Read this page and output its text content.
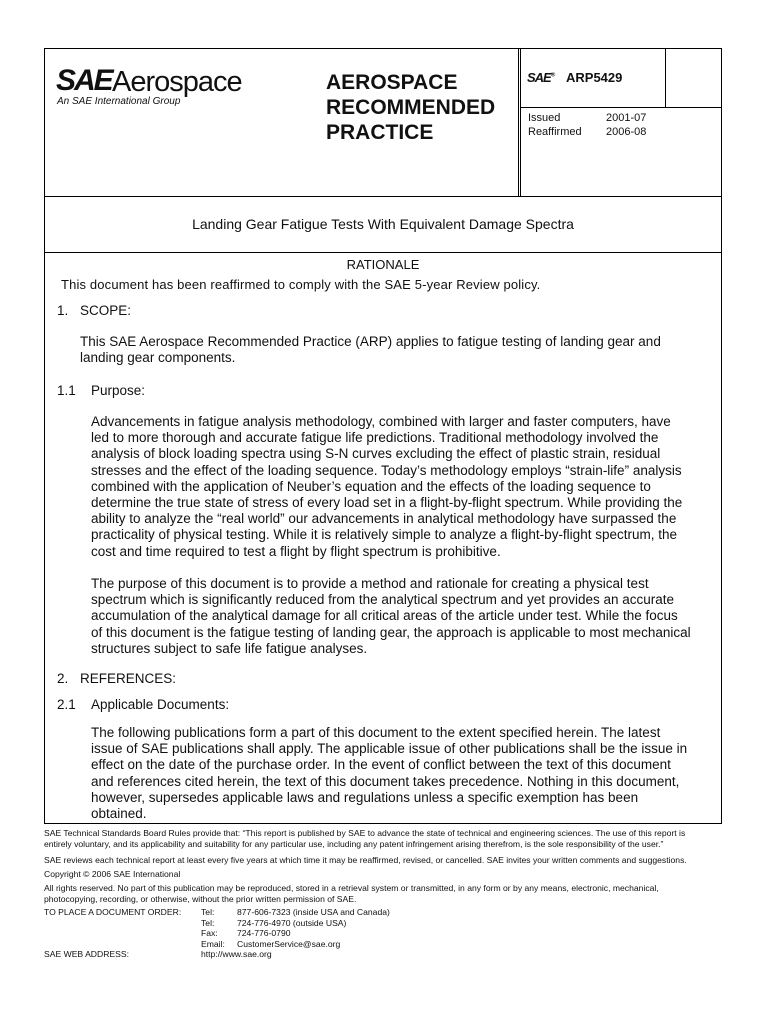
SAE Aerospace
An SAE International Group
AEROSPACE
RECOMMENDED
PRACTICE
SAE® ARP5429
Issued	2001-07
Reaffirmed 2006-08
Landing Gear Fatigue Tests With Equivalent Damage Spectra
RATIONALE
This document has been reaffirmed to comply with the SAE 5-year Review policy.
1. SCOPE:
This SAE Aerospace Recommended Practice (ARP) applies to fatigue testing of landing gear and
landing gear components.
1.1 Purpose:
Advancements in fatigue analysis methodology, combined with larger and faster computers, have
led to more thorough and accurate fatigue life predictions. Traditional methodology involved the
analysis of block loading spectra using S-N curves excluding the effect of plastic strain, residual
stresses and the effect of the loading sequence. Today’s methodology employs “strain-life” analysis
combined with the application of Neuber’s equation and the effects of the loading sequence to
determine the true state of stress of every load set in a flight-by-flight spectrum. While providing the
ability to analyze the “real world” our advancements in analytical methodology have surpassed the
practicality of physical testing. While it is relatively simple to analyze a flight-by-flight spectrum, the
cost and time required to test a flight by flight spectrum is prohibitive.
The purpose of this document is to provide a method and rationale for creating a physical test
spectrum which is significantly reduced from the analytical spectrum and yet provides an accurate
accumulation of the analytical damage for all critical areas of the article under test. While the focus
of this document is the fatigue testing of landing gear, the approach is applicable to most mechanical
structures subject to safe life fatigue analyses.
2. REFERENCES:
2.1 Applicable Documents:
The following publications form a part of this document to the extent specified herein. The latest
issue of SAE publications shall apply. The applicable issue of other publications shall be the issue in
effect on the date of the purchase order. In the event of conflict between the text of this document
and references cited herein, the text of this document takes precedence. Nothing in this document,
however, supersedes applicable laws and regulations unless a specific exemption has been
obtained.
SAE Technical Standards Board Rules provide that: “This report is published by SAE to advance the state of technical and engineering sciences. The use of this report is
entirely voluntary, and its applicability and suitability for any particular use, including any patent infringement arising therefrom, is the sole responsibility of the user.”
SAE reviews each technical report at least every five years at which time it may be reaffirmed, revised, or cancelled. SAE invites your written comments and suggestions.
Copyright © 2006 SAE International
All rights reserved. No part of this publication may be reproduced, stored in a retrieval system or transmitted, in any form or by any means, electronic, mechanical,
photocopying, recording, or otherwise, without the prior written permission of SAE.
TO PLACE A DOCUMENT ORDER: Tel:
Tel:
Fax:
Email:
877-606-7323 (inside USA and Canada)
724-776-4970 (outside USA)
724-776-0790
CustomerService@sae.org
SAE WEB ADDRESS:	http://www.sae.org
